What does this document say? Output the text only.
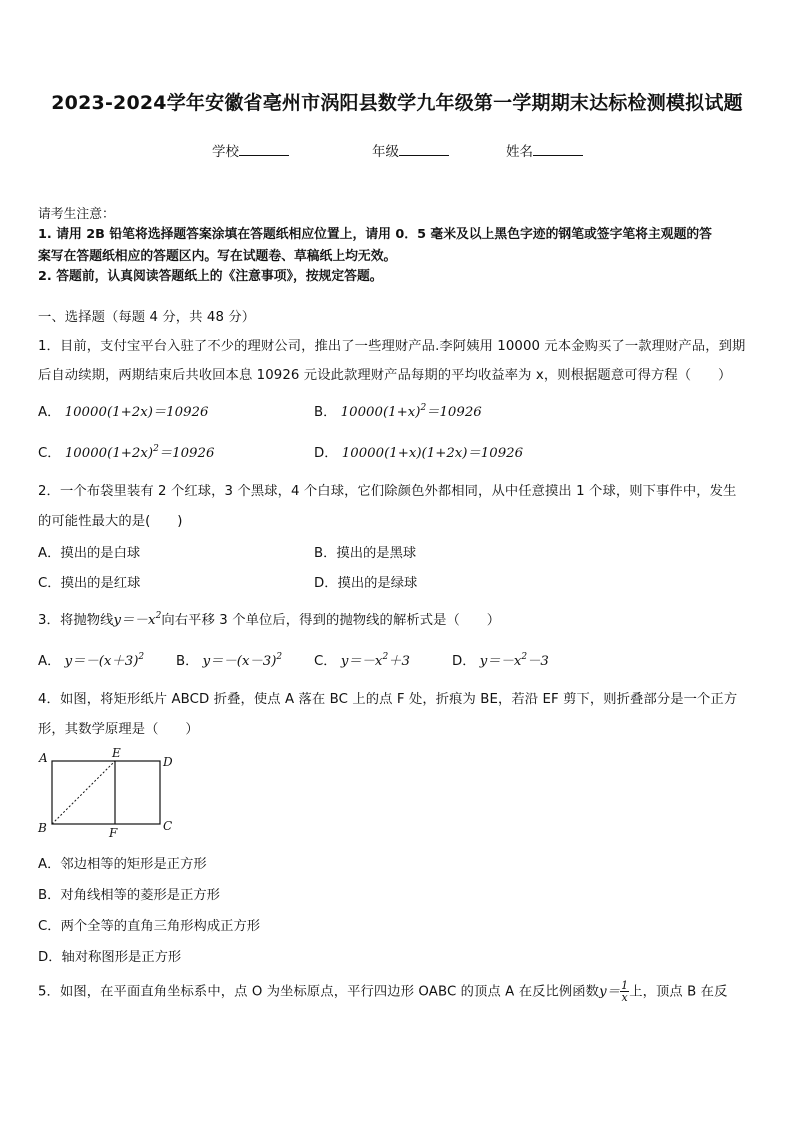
2023-2024学年安徽省亳州市涡阳县数学九年级第一学期期末达标检测模拟试题
学校	年级	姓名
请考生注意：
1. 请用 2B 铅笔将选择题答案涂填在答题纸相应位置上，请用 0．5 毫米及以上黑色字迹的钢笔或签字笔将主观题的答
案写在答题纸相应的答题区内。写在试题卷、草稿纸上均无效。
2. 答题前，认真阅读答题纸上的《注意事项》，按规定答题。
一、选择题（每题 4 分，共 48 分）
1．目前，支付宝平台入驻了不少的理财公司，推出了一些理财产品.李阿姨用 10000 元本金购买了一款理财产品，到期
后自动续期，两期结束后共收回本息 10926 元设此款理财产品每期的平均收益率为 x，则根据题意可得方程（　　）
A． 10000(1+2x)＝10926	B． $10000(1+x)^2=10926$
C． $10000(1+2x)^2=10926$	D． 10000(1+x)(1+2x)＝10926
2．一个布袋里装有 2 个红球，3 个黑球，4 个白球，它们除颜色外都相同，从中任意摸出 1 个球，则下事件中，发生
的可能性最大的是(　　)
A．摸出的是白球	B．摸出的是黑球
C．摸出的是红球	D．摸出的是绿球
3．将抛物线$y=-x^2$向右平移 3 个单位后，得到的抛物线的解析式是（　　）
A． $y=-(x+3)^2$ B． $y=-(x-3)^2$ C． $y=-x^2+3$	D． $y=-x^2-3$
4．如图，将矩形纸片 ABCD 折叠，使点 A 落在 BC 上的点 F 处，折痕为 BE，若沿 EF 剪下，则折叠部分是一个正方
形，其数学原理是（　　）
A	E
D
B	F	C
A．邻边相等的矩形是正方形
B．对角线相等的菱形是正方形
C．两个全等的直角三角形构成正方形
D．轴对称图形是正方形
5．如图，在平面直角坐标系中，点 O 为坐标原点，平行四边形 OABC 的顶点 A 在反比例函数$y= \frac{1}{x}$ 上，顶点 B 在反
